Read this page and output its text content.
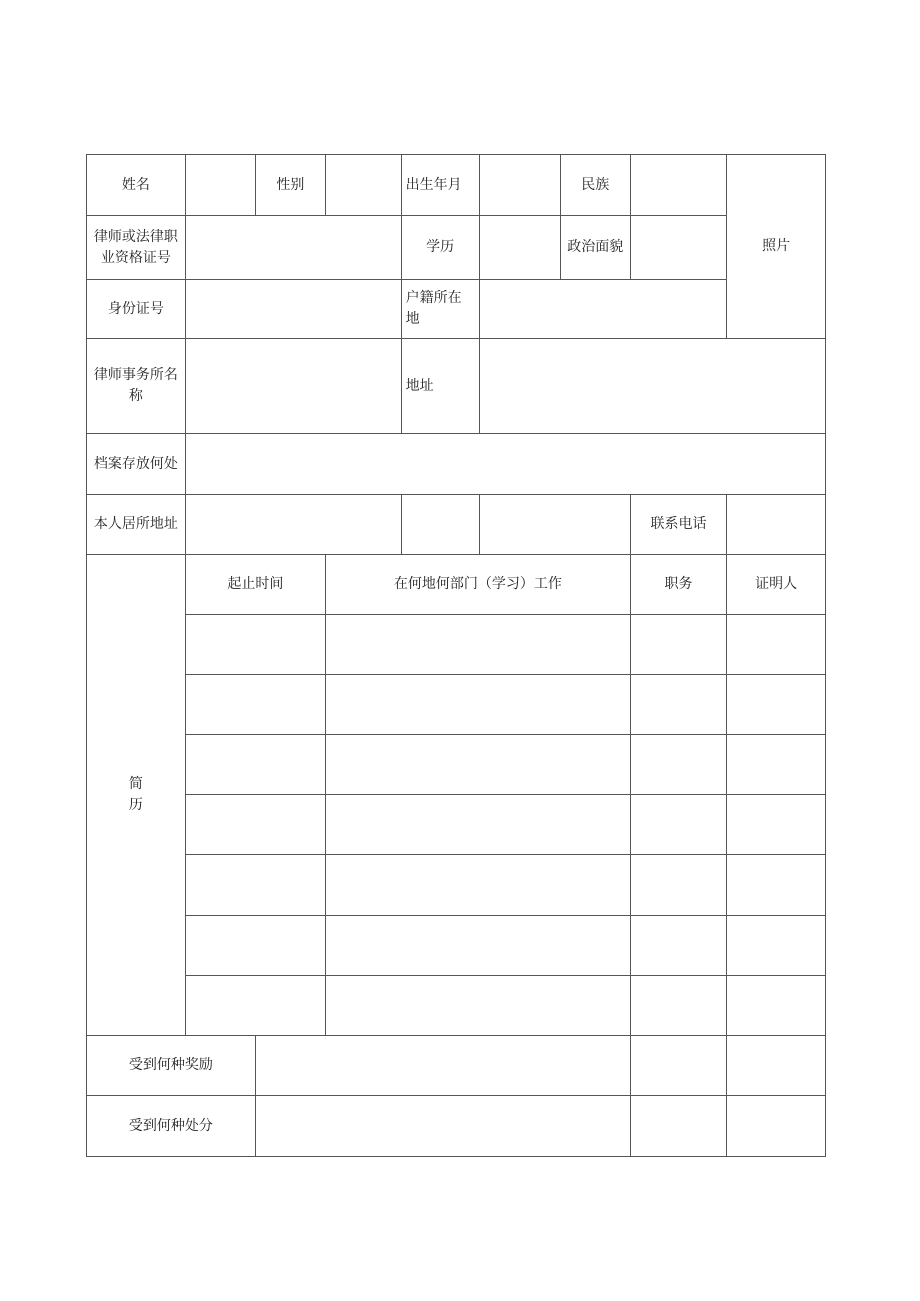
姓名		性别		出生年月		民族		照片
律师或法律职业资格证号				学历		政治面貌		
身份证号				户籍所在地				
律师事务所名称				地址				
档案存放何处								
本人居所地址							联系电话	

简历	起止时间		在何地何部门（学习）工作				职务	证明人

受到何种奖励								
受到何种处分								
